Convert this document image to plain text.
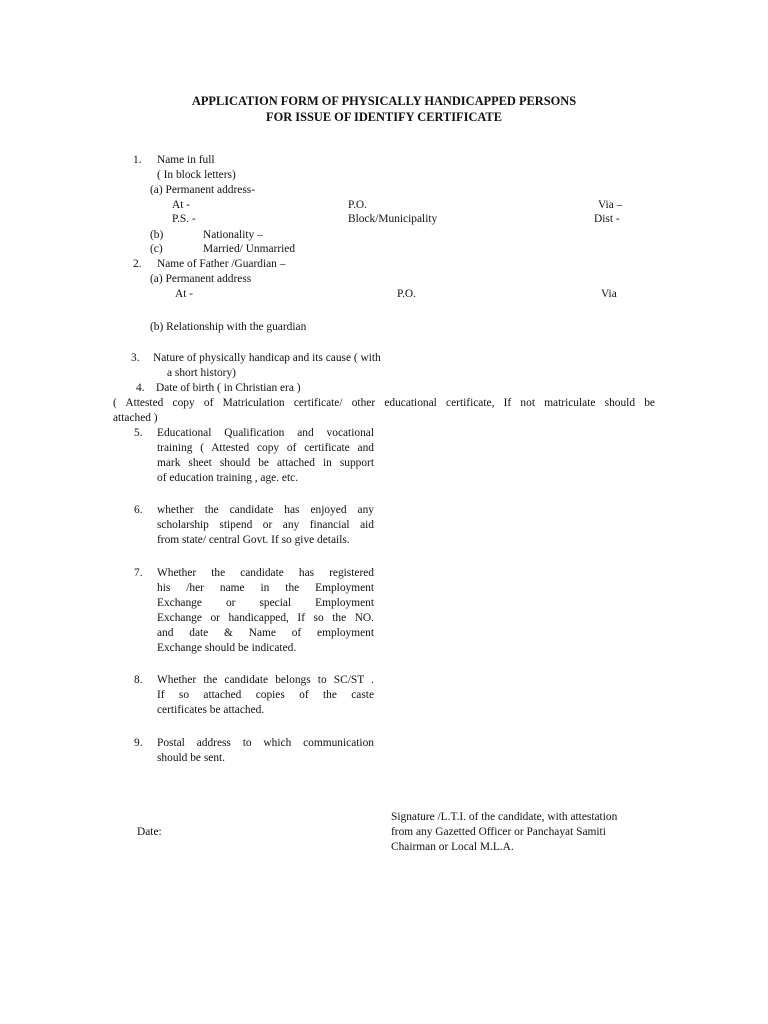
APPLICATION FORM OF PHYSICALLY HANDICAPPED PERSONS
FOR ISSUE OF IDENTIFY CERTIFICATE
1. Name in full
( In block letters)
(a) Permanent address-
At -	P.O.	Via –
P.S. -	Block/Municipality	Dist -
(b)	Nationality –
(c)	Married/ Unmarried
2. Name of Father /Guardian –
(a) Permanent address
At -	P.O.	Via
(b) Relationship with the guardian
3. Nature of physically handicap and its cause ( with
a short history)
4. Date of birth ( in Christian era )
( Attested copy of Matriculation certificate/ other educational certificate, If not matriculate should be
attached )
5. Educational Qualification and vocational
training ( Attested copy of certificate and
mark sheet should be attached in support
of education training , age. etc.
6. whether the candidate has enjoyed any
scholarship stipend or any financial aid
from state/ central Govt. If so give details.
7. Whether the candidate has registered
his /her name in the Employment
Exchange or special Employment
Exchange or handicapped, If so the NO.
and date & Name of employment
Exchange should be indicated.
8. Whether the candidate belongs to SC/ST .
If so attached copies of the caste
certificates be attached.
9. Postal address to which communication
should be sent.
Date:
Signature /L.T.I. of the candidate, with attestation
from any Gazetted Officer or Panchayat Samiti
Chairman or Local M.L.A.
